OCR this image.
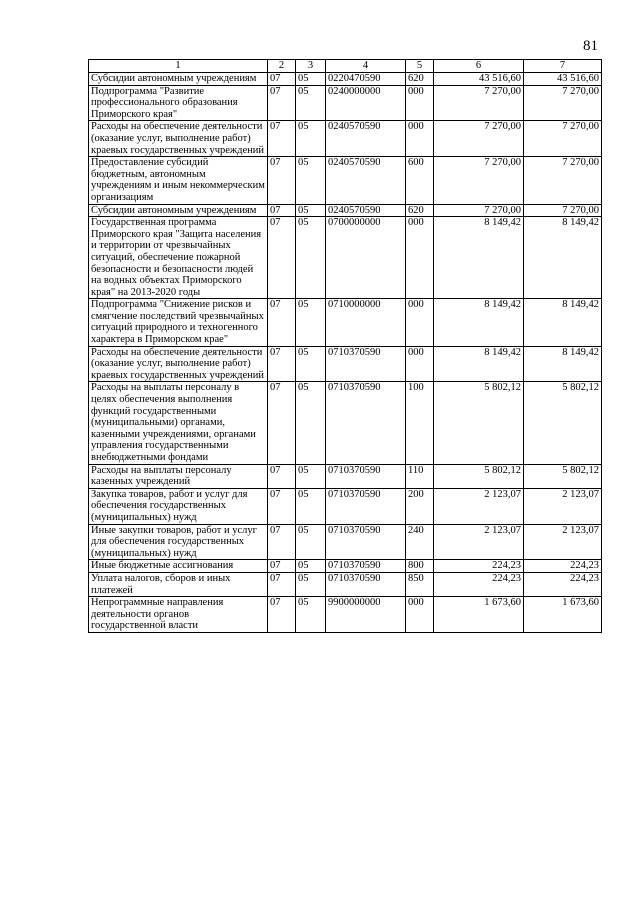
81
1	2	3	4	5	6	7
Субсидии автономным учреждениям	07	05	0220470590	620	43 516,60	43 516,60
Подпрограмма "Развитие профессионального образования Приморского края"	07	05	0240000000	000	7 270,00	7 270,00
Расходы на обеспечение деятельности (оказание услуг, выполнение работ) краевых государственных учреждений	07	05	0240570590	000	7 270,00	7 270,00
Предоставление субсидий бюджетным, автономным учреждениям и иным некоммерческим организациям	07	05	0240570590	600	7 270,00	7 270,00
Субсидии автономным учреждениям	07	05	0240570590	620	7 270,00	7 270,00
Государственная программа Приморского края "Защита населения и территории от чрезвычайных ситуаций, обеспечение пожарной безопасности и безопасности людей на водных объектах Приморского края" на 2013-2020 годы	07	05	0700000000	000	8 149,42	8 149,42
Подпрограмма "Снижение рисков и смягчение последствий чрезвычайных ситуаций природного и техногенного характера в Приморском крае"	07	05	0710000000	000	8 149,42	8 149,42
Расходы на обеспечение деятельности (оказание услуг, выполнение работ) краевых государственных учреждений	07	05	0710370590	000	8 149,42	8 149,42
Расходы на выплаты персоналу в целях обеспечения выполнения функций государственными (муниципальными) органами, казенными учреждениями, органами управления государственными внебюджетными фондами	07	05	0710370590	100	5 802,12	5 802,12
Расходы на выплаты персоналу казенных учреждений	07	05	0710370590	110	5 802,12	5 802,12
Закупка товаров, работ и услуг для обеспечения государственных (муниципальных) нужд	07	05	0710370590	200	2 123,07	2 123,07
Иные закупки товаров, работ и услуг для обеспечения государственных (муниципальных) нужд	07	05	0710370590	240	2 123,07	2 123,07
Иные бюджетные ассигнования	07	05	0710370590	800	224,23	224,23
Уплата налогов, сборов и иных платежей	07	05	0710370590	850	224,23	224,23
Непрограммные направления деятельности органов государственной власти	07	05	9900000000	000	1 673,60	1 673,60
